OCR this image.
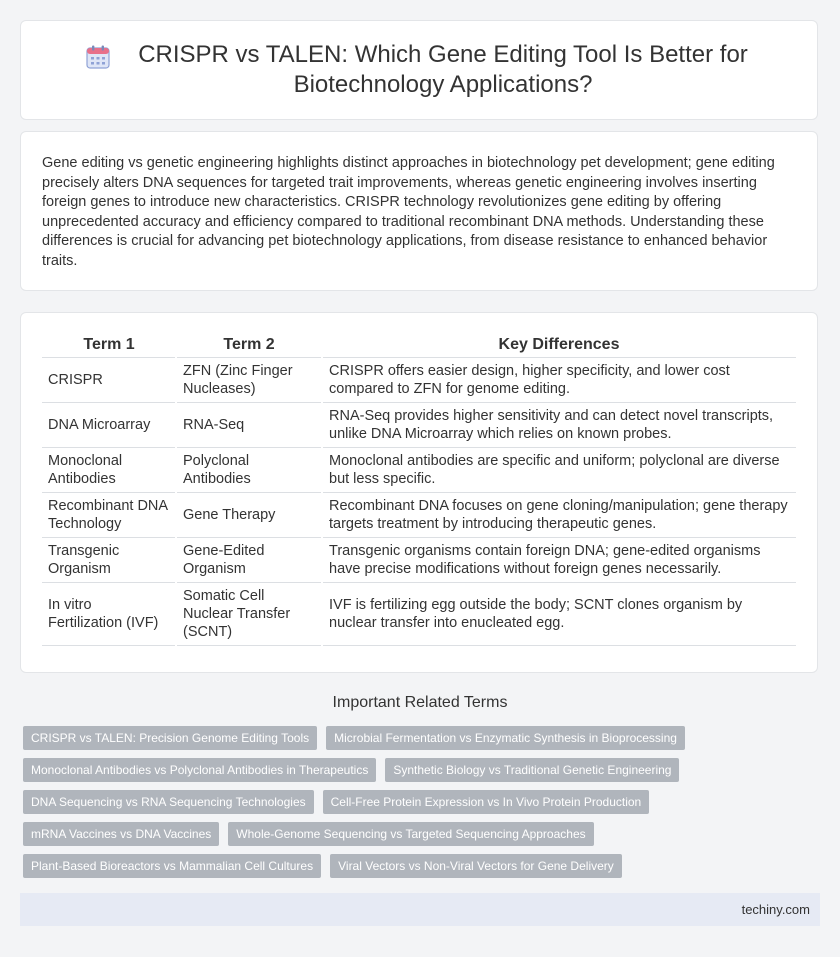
CRISPR vs TALEN: Which Gene Editing Tool Is Better for Biotechnology Applications?

Gene editing vs genetic engineering highlights distinct approaches in biotechnology pet development; gene editing precisely alters DNA sequences for targeted trait improvements, whereas genetic engineering involves inserting foreign genes to introduce new characteristics. CRISPR technology revolutionizes gene editing by offering unprecedented accuracy and efficiency compared to traditional recombinant DNA methods. Understanding these differences is crucial for advancing pet biotechnology applications, from disease resistance to enhanced behavior traits.

Term 1	Term 2	Key Differences
CRISPR	ZFN (Zinc Finger Nucleases)	CRISPR offers easier design, higher specificity, and lower cost compared to ZFN for genome editing.
DNA Microarray	RNA-Seq	RNA-Seq provides higher sensitivity and can detect novel transcripts, unlike DNA Microarray which relies on known probes.
Monoclonal Antibodies	Polyclonal Antibodies	Monoclonal antibodies are specific and uniform; polyclonal are diverse but less specific.
Recombinant DNA Technology	Gene Therapy	Recombinant DNA focuses on gene cloning/manipulation; gene therapy targets treatment by introducing therapeutic genes.
Transgenic Organism	Gene-Edited Organism	Transgenic organisms contain foreign DNA; gene-edited organisms have precise modifications without foreign genes necessarily.
In vitro Fertilization (IVF)	Somatic Cell Nuclear Transfer (SCNT)	IVF is fertilizing egg outside the body; SCNT clones organism by nuclear transfer into enucleated egg.
Important Related Terms
CRISPR vs TALEN: Precision Genome Editing Tools	Microbial Fermentation vs Enzymatic Synthesis in Bioprocessing
Monoclonal Antibodies vs Polyclonal Antibodies in Therapeutics	Synthetic Biology vs Traditional Genetic Engineering
DNA Sequencing vs RNA Sequencing Technologies	Cell-Free Protein Expression vs In Vivo Protein Production
mRNA Vaccines vs DNA Vaccines	Whole-Genome Sequencing vs Targeted Sequencing Approaches
Plant-Based Bioreactors vs Mammalian Cell Cultures	Viral Vectors vs Non-Viral Vectors for Gene Delivery
techiny.com
